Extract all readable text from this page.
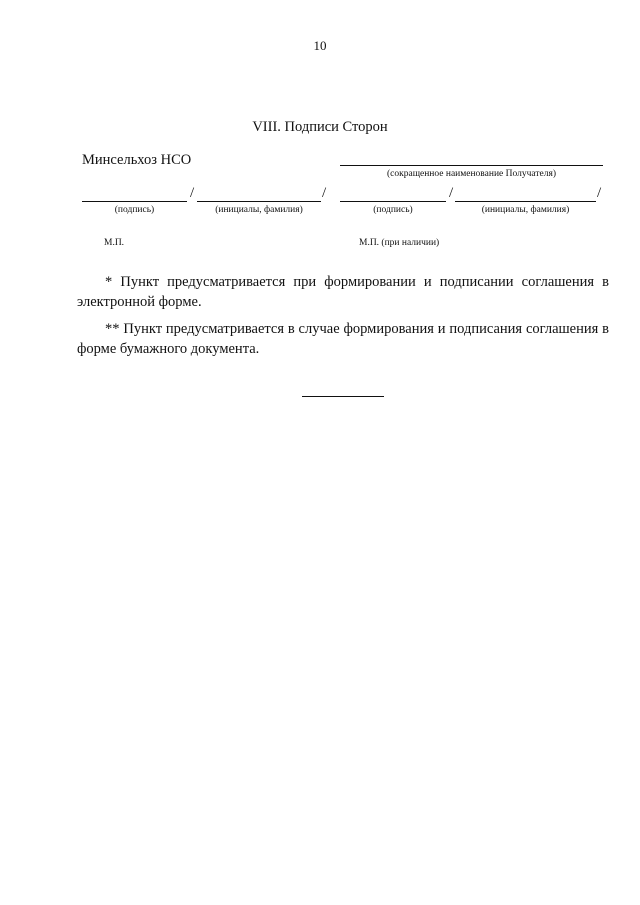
10
VIII. Подписи Сторон
Минсельхоз НСО
(сокращенное наименование Получателя)
/	/
(подпись)	(инициалы, фамилия)
/	/
(подпись)	(инициалы, фамилия)
М.П.	М.П. (при наличии)
* Пункт предусматривается при формировании и подписании соглашения в электронной форме.
** Пункт предусматривается в случае формирования и подписания соглашения в форме бумажного документа.
